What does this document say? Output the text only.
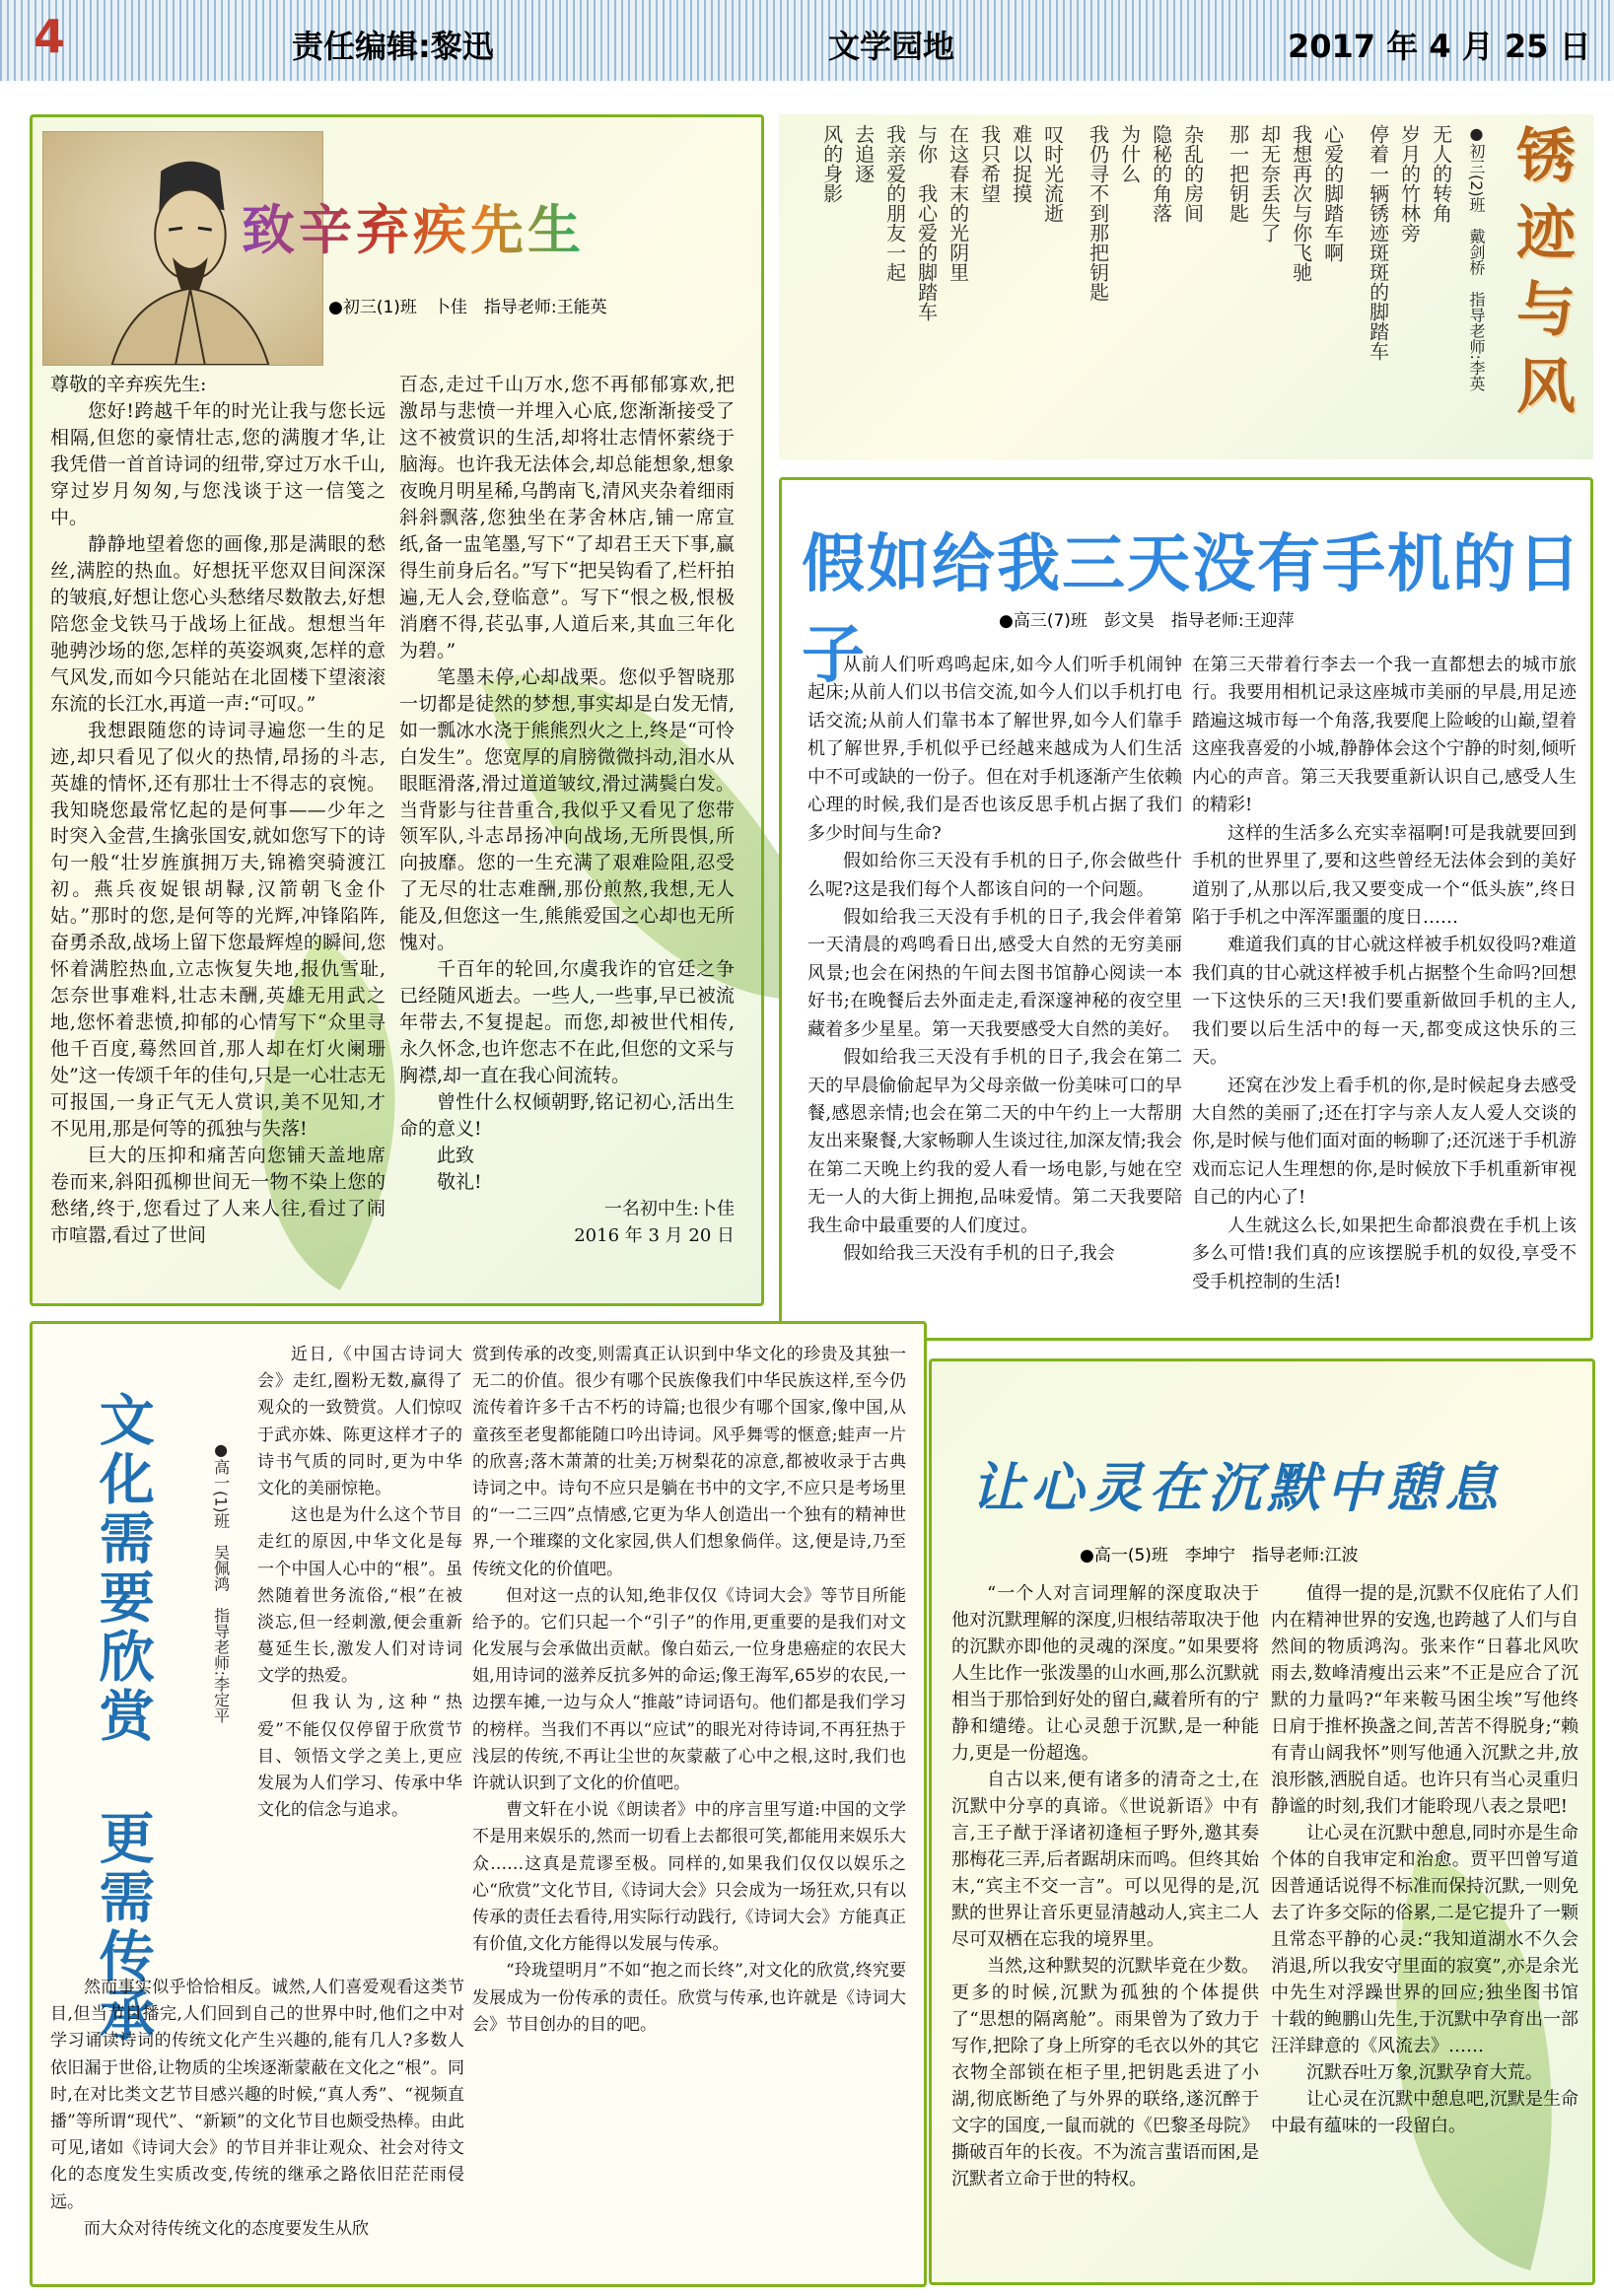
4	责任编辑:黎迅	文学园地	2017 年 4 月 25 日
致辛弃疾先生
●初三(1)班　卜佳　指导老师:王能英

尊敬的辛弃疾先生:

您好!跨越千年的时光让我与您长远相隔,但您的豪情壮志,您的满腹才华,让我凭借一首首诗词的纽带,穿过万水千山,穿过岁月匆匆,与您浅谈于这一信笺之中。

静静地望着您的画像,那是满眼的愁丝,满腔的热血。好想抚平您双目间深深的皱痕,好想让您心头愁绪尽数散去,好想陪您金戈铁马于战场上征战。想想当年驰骋沙场的您,怎样的英姿飒爽,怎样的意气风发,而如今只能站在北固楼下望滚滚东流的长江水,再道一声:“可叹。”

我想跟随您的诗词寻遍您一生的足迹,却只看见了似火的热情,昂扬的斗志,英雄的情怀,还有那壮士不得志的哀惋。我知晓您最常忆起的是何事——少年之时突入金营,生擒张国安,就如您写下的诗句一般“壮岁旌旗拥万夫,锦襜突骑渡江初。燕兵夜娖银胡䩮,汉箭朝飞金仆姑。”那时的您,是何等的光辉,冲锋陷阵,奋勇杀敌,战场上留下您最辉煌的瞬间,您怀着满腔热血,立志恢复失地,报仇雪耻,怎奈世事难料,壮志未酬,英雄无用武之地,您怀着悲愤,抑郁的心情写下“众里寻他千百度,蓦然回首,那人却在灯火阑珊处”这一传颂千年的佳句,只是一心壮志无可报国,一身正气无人赏识,美不见知,才不见用,那是何等的孤独与失落!

巨大的压抑和痛苦向您铺天盖地席卷而来,斜阳孤柳世间无一物不染上您的愁绪,终于,您看过了人来人往,看过了闹市喧嚣,看过了世间

百态,走过千山万水,您不再郁郁寡欢,把激昂与悲愤一并埋入心底,您渐渐接受了这不被赏识的生活,却将壮志情怀萦绕于脑海。也许我无法体会,却总能想象,想象夜晚月明星稀,乌鹊南飞,清风夹杂着细雨斜斜飘落,您独坐在茅舍林店,铺一席宣纸,备一盅笔墨,写下“了却君王天下事,赢得生前身后名。”写下“把吴钩看了,栏杆拍遍,无人会,登临意”。写下“恨之极,恨极消磨不得,苌弘事,人道后来,其血三年化为碧。”

笔墨未停,心却战栗。您似乎智晓那一切都是徒然的梦想,事实却是白发无情,如一瓢冰水浇于熊熊烈火之上,终是“可怜白发生”。您宽厚的肩膀微微抖动,泪水从眼眶滑落,滑过道道皱纹,滑过满鬓白发。当背影与往昔重合,我似乎又看见了您带领军队,斗志昂扬冲向战场,无所畏惧,所向披靡。您的一生充满了艰难险阻,忍受了无尽的壮志难酬,那份煎熬,我想,无人能及,但您这一生,熊熊爱国之心却也无所愧对。

千百年的轮回,尔虞我诈的官廷之争已经随风逝去。一些人,一些事,早已被流年带去,不复提起。而您,却被世代相传,永久怀念,也许您志不在此,但您的文采与胸襟,却一直在我心间流转。

曾性什么权倾朝野,铭记初心,活出生命的意义!

此致

敬礼!

一名初中生:卜佳

2016 年 3 月 20 日

锈迹与风
●初三(2)班　戴剑桥　指导老师:李英
无人的转角
岁月的竹林旁
停着一辆锈迹斑斑的脚踏车
心爱的脚踏车啊
我想再次与你飞驰
却无奈丢失了
那一把钥匙
杂乱的房间
隐秘的角落
为什么
我仍寻不到那把钥匙
叹时光流逝
难以捉摸
我只希望
在这春末的光阴里
与你　我心爱的脚踏车
我亲爱的朋友一起
去追逐
风的身影
假如给我三天没有手机的日子	●高三(7)班　彭文昊　指导老师:王迎萍

从前人们听鸡鸣起床,如今人们听手机闹钟起床;从前人们以书信交流,如今人们以手机打电话交流;从前人们靠书本了解世界,如今人们靠手机了解世界,手机似乎已经越来越成为人们生活中不可或缺的一份子。但在对手机逐渐产生依赖心理的时候,我们是否也该反思手机占据了我们多少时间与生命?

假如给你三天没有手机的日子,你会做些什么呢?这是我们每个人都该自问的一个问题。

假如给我三天没有手机的日子,我会伴着第一天清晨的鸡鸣看日出,感受大自然的无穷美丽风景;也会在闲热的午间去图书馆静心阅读一本好书;在晚餐后去外面走走,看深邃神秘的夜空里藏着多少星星。第一天我要感受大自然的美好。

假如给我三天没有手机的日子,我会在第二天的早晨偷偷起早为父母亲做一份美味可口的早餐,感恩亲情;也会在第二天的中午约上一大帮朋友出来聚餐,大家畅聊人生谈过往,加深友情;我会在第二天晚上约我的爱人看一场电影,与她在空无一人的大街上拥抱,品味爱情。第二天我要陪我生命中最重要的人们度过。

假如给我三天没有手机的日子,我会

在第三天带着行李去一个我一直都想去的城市旅行。我要用相机记录这座城市美丽的早晨,用足迹踏遍这城市每一个角落,我要爬上险峻的山巅,望着这座我喜爱的小城,静静体会这个宁静的时刻,倾听内心的声音。第三天我要重新认识自己,感受人生的精彩!

这样的生活多么充实幸福啊!可是我就要回到手机的世界里了,要和这些曾经无法体会到的美好道别了,从那以后,我又要变成一个“低头族”,终日陷于手机之中浑浑噩噩的度日……

难道我们真的甘心就这样被手机奴役吗?难道我们真的甘心就这样被手机占据整个生命吗?回想一下这快乐的三天!我们要重新做回手机的主人,我们要以后生活中的每一天,都变成这快乐的三天。

还窝在沙发上看手机的你,是时候起身去感受大自然的美丽了;还在打字与亲人友人爱人交谈的你,是时候与他们面对面的畅聊了;还沉迷于手机游戏而忘记人生理想的你,是时候放下手机重新审视自己的内心了!

人生就这么长,如果把生命都浪费在手机上该多么可惜!我们真的应该摆脱手机的奴役,享受不受手机控制的生活!

文化需要欣赏 更需传承
●高一(1)班　吴佩鸿　指导老师:李定平

近日,《中国古诗词大会》走红,圈粉无数,赢得了观众的一致赞赏。人们惊叹于武亦姝、陈更这样才子的诗书气质的同时,更为中华文化的美丽惊艳。

这也是为什么这个节目走红的原因,中华文化是每一个中国人心中的“根”。虽然随着世务流俗,“根”在被淡忘,但一经刺激,便会重新蔓延生长,激发人们对诗词文学的热爱。

但我认为,这种“热爱”不能仅仅停留于欣赏节目、领悟文学之美上,更应发展为人们学习、传承中华文化的信念与追求。

赏到传承的改变,则需真正认识到中华文化的珍贵及其独一无二的价值。很少有哪个民族像我们中华民族这样,至今仍流传着许多千古不朽的诗篇;也很少有哪个国家,像中国,从童孩至老叟都能随口吟出诗词。风乎舞雩的惬意;蛙声一片的欣喜;落木萧萧的壮美;万树梨花的凉意,都被收录于古典诗词之中。诗句不应只是躺在书中的文字,不应只是考场里的“一二三四”点情感,它更为华人创造出一个独有的精神世界,一个璀璨的文化家园,供人们想象倘佯。这,便是诗,乃至传统文化的价值吧。

但对这一点的认知,绝非仅仅《诗词大会》等节目所能给予的。它们只起一个“引子”的作用,更重要的是我们对文化发展与会承做出贡献。像白茹云,一位身患癌症的农民大姐,用诗词的滋养反抗多舛的命运;像王海军,65岁的农民,一边摆车摊,一边与众人“推敲”诗词语句。他们都是我们学习的榜样。当我们不再以“应试”的眼光对待诗词,不再狂热于浅层的传统,不再让尘世的灰蒙蔽了心中之根,这时,我们也许就认识到了文化的价值吧。

曹文轩在小说《朗读者》中的序言里写道:中国的文学不是用来娱乐的,然而一切看上去都很可笑,都能用来娱乐大众……这真是荒谬至极。同样的,如果我们仅仅以娱乐之心“欣赏”文化节目,《诗词大会》只会成为一场狂欢,只有以传承的责任去看待,用实际行动践行,《诗词大会》方能真正有价值,文化方能得以发展与传承。

“玲珑望明月”不如“抱之而长终”,对文化的欣赏,终究要发展成为一份传承的责任。欣赏与传承,也许就是《诗词大会》节目创办的目的吧。

然而事实似乎恰恰相反。诚然,人们喜爱观看这类节目,但当节目播完,人们回到自己的世界中时,他们之中对学习诵读诗词的传统文化产生兴趣的,能有几人?多数人依旧漏于世俗,让物质的尘埃逐渐蒙蔽在文化之“根”。同时,在对比类文艺节目感兴趣的时候,“真人秀”、“视频直播”等所谓“现代”、“新颖”的文化节目也颇受热棒。由此可见,诸如《诗词大会》的节目并非让观众、社会对待文化的态度发生实质改变,传统的继承之路依旧茫茫雨侵远。

而大众对待传统文化的态度要发生从欣

让心灵在沉默中憩息
●高一(5)班　李坤宁　指导老师:江波

“一个人对言词理解的深度取决于他对沉默理解的深度,归根结蒂取决于他的沉默亦即他的灵魂的深度。”如果要将人生比作一张泼墨的山水画,那么沉默就相当于那恰到好处的留白,藏着所有的宁静和缱绻。让心灵憩于沉默,是一种能力,更是一份超逸。

自古以来,便有诸多的清奇之士,在沉默中分享的真谛。《世说新语》中有言,王子猷于泽诸初逢桓子野外,邀其奏那梅花三弄,后者踞胡床而鸣。但终其始末,“宾主不交一言”。可以见得的是,沉默的世界让音乐更显清越动人,宾主二人尽可双栖在忘我的境界里。

当然,这种默契的沉默毕竟在少数。更多的时候,沉默为孤独的个体提供了“思想的隔离舱”。雨果曾为了致力于写作,把除了身上所穿的毛衣以外的其它衣物全部锁在柜子里,把钥匙丢进了小湖,彻底断绝了与外界的联络,遂沉醉于文字的国度,一鼠而就的《巴黎圣母院》撕破百年的长夜。不为流言蜚语而困,是沉默者立命于世的特权。

值得一提的是,沉默不仅庇佑了人们内在精神世界的安逸,也跨越了人们与自然间的物质鸿沟。张来作“日暮北风吹雨去,数峰清瘦出云来”不正是应合了沉默的力量吗?“年来鞍马困尘埃”写他终日肩于推杯换盏之间,苦苦不得脱身;“赖有青山阔我怀”则写他通入沉默之井,放浪形骸,洒脱自适。也许只有当心灵重归静谧的时刻,我们才能聆现八表之景吧!

让心灵在沉默中憩息,同时亦是生命个体的自我审定和治愈。贾平凹曾写道因普通话说得不标准而保持沉默,一则免去了许多交际的俗累,二是它提升了一颗且常态平静的心灵:“我知道湖水不久会消退,所以我安守里面的寂寞”,亦是余光中先生对浮躁世界的回应;独坐图书馆十载的鲍鹏山先生,于沉默中孕育出一部汪洋肆意的《风流去》……

沉默吞吐万象,沉默孕育大荒。

让心灵在沉默中憩息吧,沉默是生命中最有蕴味的一段留白。
